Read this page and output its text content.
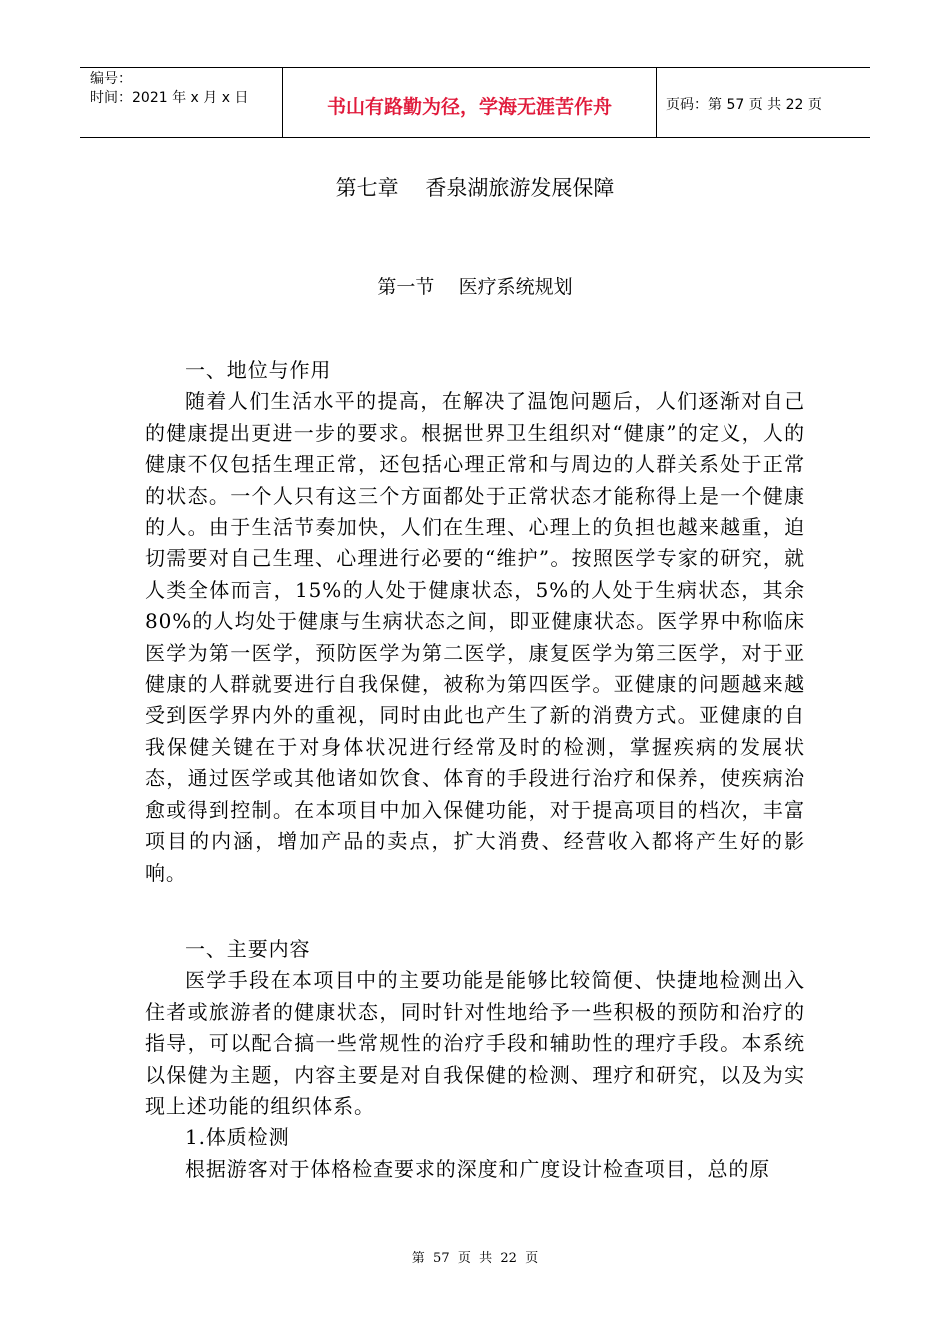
编号：
时间：2021 年 x 月 x 日	书山有路勤为径，学海无涯苦作舟	页码：第 57 页 共 22 页
第七章    香泉湖旅游发展保障
第一节    医疗系统规划

一、地位与作用

随着人们生活水平的提高，在解决了温饱问题后，人们逐渐对自己的健康提出更进一步的要求。根据世界卫生组织对“健康”的定义，人的健康不仅包括生理正常，还包括心理正常和与周边的人群关系处于正常的状态。一个人只有这三个方面都处于正常状态才能称得上是一个健康的人。由于生活节奏加快，人们在生理、心理上的负担也越来越重，迫切需要对自己生理、心理进行必要的“维护”。按照医学专家的研究，就人类全体而言，15%的人处于健康状态，5%的人处于生病状态，其余 80%的人均处于健康与生病状态之间，即亚健康状态。医学界中称临床医学为第一医学，预防医学为第二医学，康复医学为第三医学，对于亚健康的人群就要进行自我保健，被称为第四医学。亚健康的问题越来越受到医学界内外的重视，同时由此也产生了新的消费方式。亚健康的自我保健关键在于对身体状况进行经常及时的检测，掌握疾病的发展状态，通过医学或其他诸如饮食、体育的手段进行治疗和保养，使疾病治愈或得到控制。在本项目中加入保健功能，对于提高项目的档次，丰富项目的内涵，增加产品的卖点，扩大消费、经营收入都将产生好的影响。

一、主要内容

医学手段在本项目中的主要功能是能够比较简便、快捷地检测出入住者或旅游者的健康状态，同时针对性地给予一些积极的预防和治疗的指导，可以配合搞一些常规性的治疗手段和辅助性的理疗手段。本系统以保健为主题，内容主要是对自我保健的检测、理疗和研究，以及为实现上述功能的组织体系。

1.体质检测

根据游客对于体格检查要求的深度和广度设计检查项目，总的原

第  57  页  共  22  页
